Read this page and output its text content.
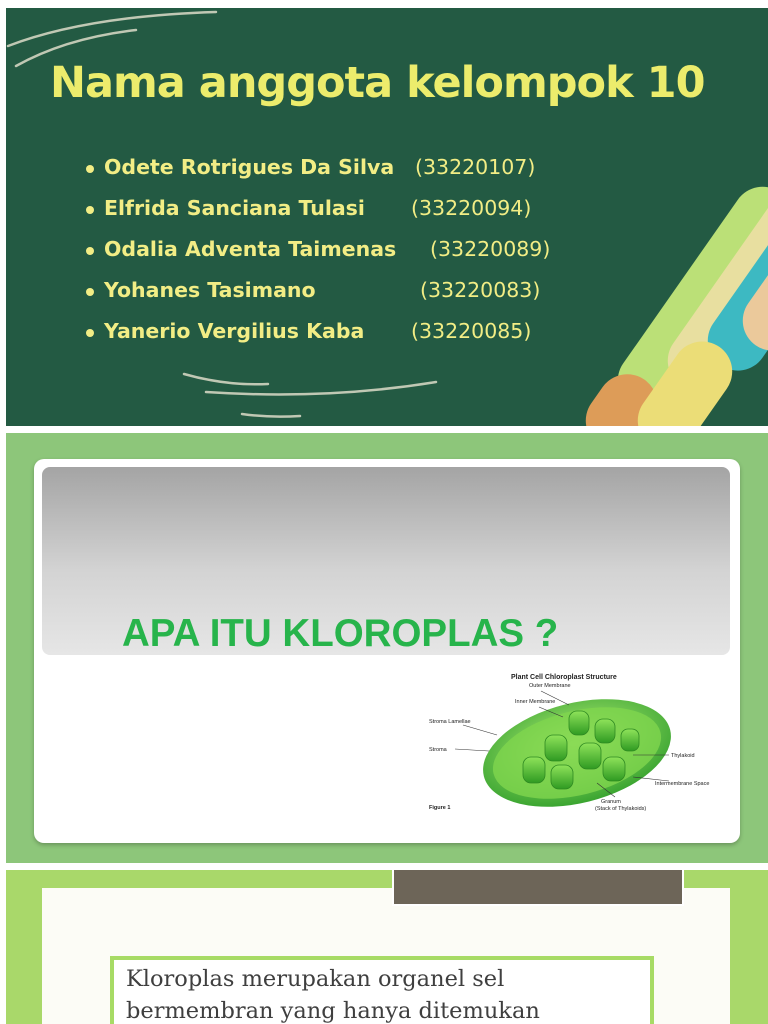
Nama anggota kelompok 10
Odete Rotrigues Da Silva (33220107)
Elfrida Sanciana Tulasi (33220094)
Odalia Adventa Taimenas (33220089)
Yohanes Tasimano	(33220083)
Yanerio Vergilius Kaba (33220085)
APA ITU KLOROPLAS ?
Plant Cell Chloroplast Structure
Outer Membrane
Inner Membrane
Stroma Lamellae
Stroma
Thylakoid
Intermembrane Space
Granum
(Stack of Thylakoids)
Figure 1
Kloroplas merupakan organel sel
bermembran yang hanya ditemukan
